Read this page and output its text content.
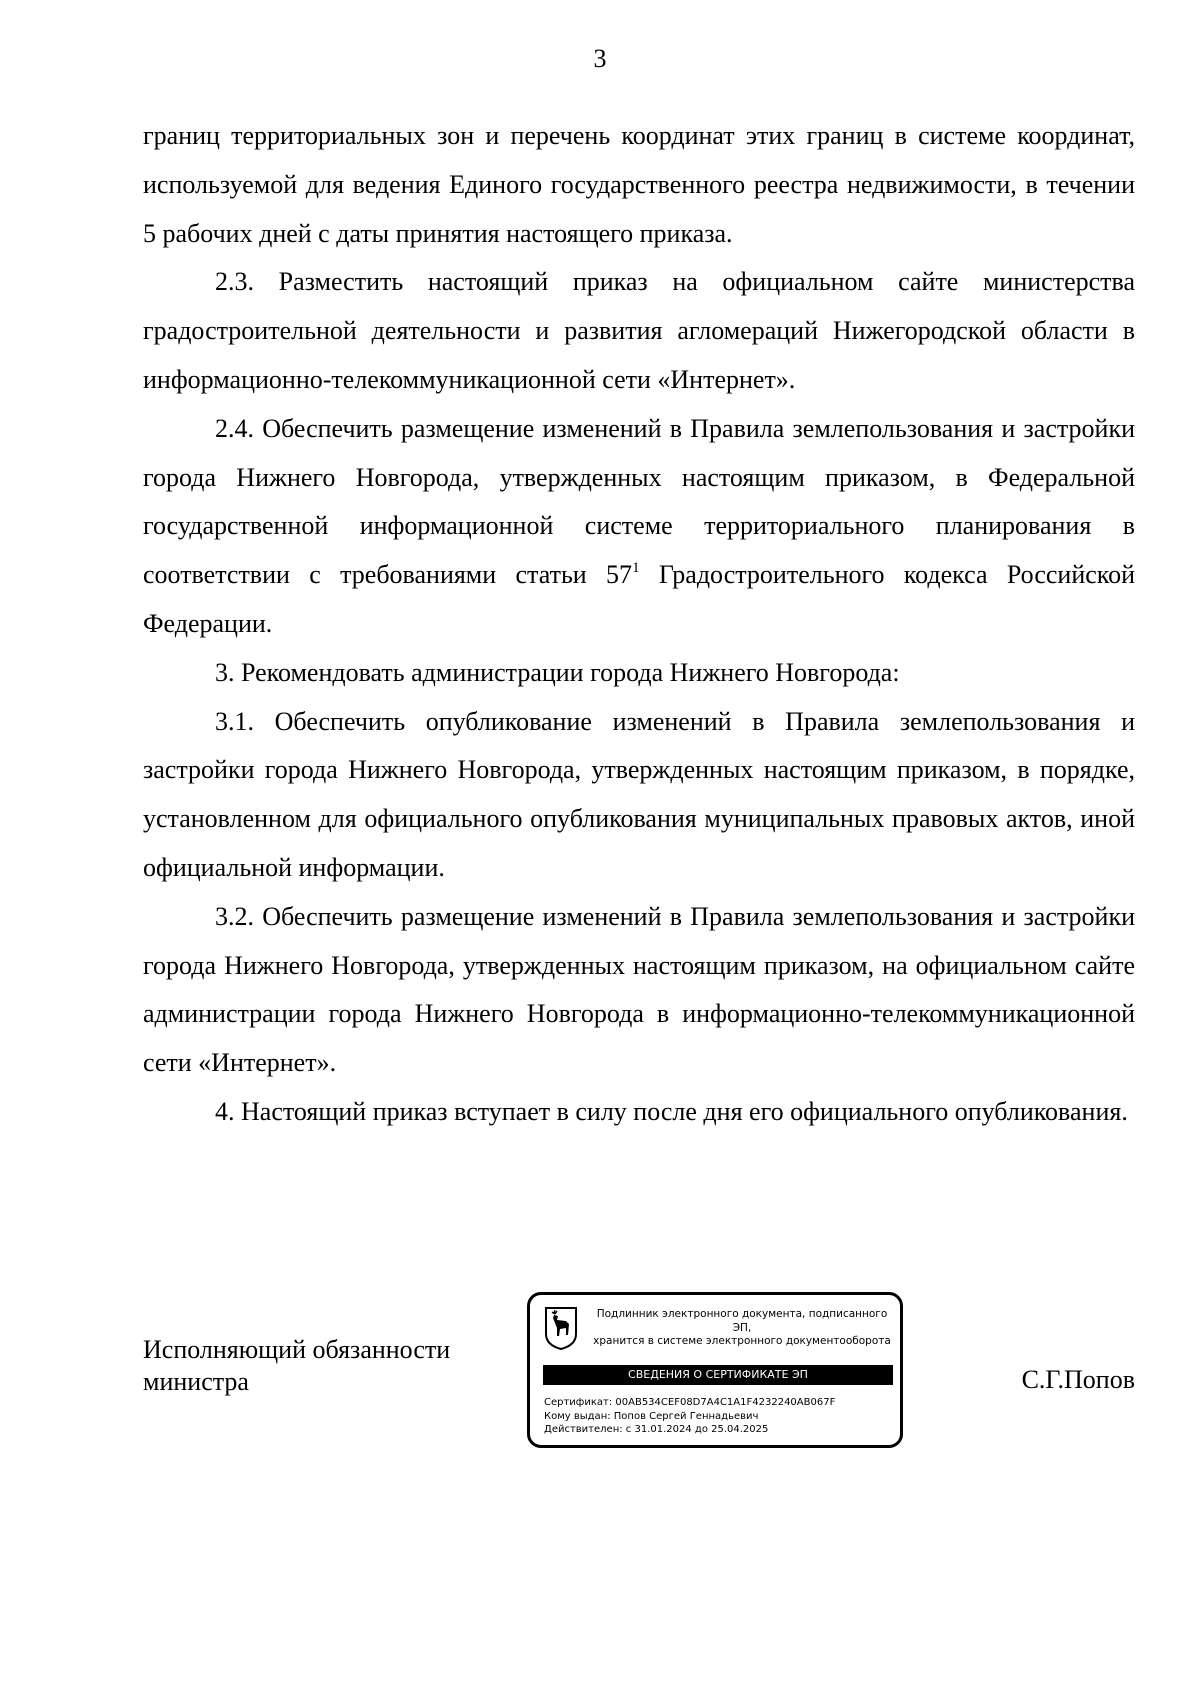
3

границ территориальных зон и перечень координат этих границ в системе координат, используемой для ведения Единого государственного реестра недвижимости, в течении 5 рабочих дней с даты принятия настоящего приказа.

2.3. Разместить настоящий приказ на официальном сайте министерства градостроительной деятельности и развития агломераций Нижегородской области в информационно-телекоммуникационной сети «Интернет».

2.4. Обеспечить размещение изменений в Правила землепользования и застройки города Нижнего Новгорода, утвержденных настоящим приказом, в Федеральной государственной информационной системе территориального планирования в соответствии с требованиями статьи $57^1$ Градостроительного кодекса Российской Федерации.

3. Рекомендовать администрации города Нижнего Новгорода:

3.1. Обеспечить опубликование изменений в Правила землепользования и застройки города Нижнего Новгорода, утвержденных настоящим приказом, в порядке, установленном для официального опубликования муниципальных правовых актов, иной официальной информации.

3.2. Обеспечить размещение изменений в Правила землепользования и застройки города Нижнего Новгорода, утвержденных настоящим приказом, на официальном сайте администрации города Нижнего Новгорода в информационно-телекоммуникационной сети «Интернет».

4. Настоящий приказ вступает в силу после дня его официального опубликования.

Исполняющий обязанности
министра
Подлинник электронного документа, подписанного ЭП,
хранится в системе электронного документооборота
СВЕДЕНИЯ О СЕРТИФИКАТЕ ЭП
Сертификат: 00AB534CEF08D7A4C1A1F4232240AB067F
Кому выдан: Попов Сергей Геннадьевич
Действителен: с 31.01.2024 до 25.04.2025
С.Г.Попов
